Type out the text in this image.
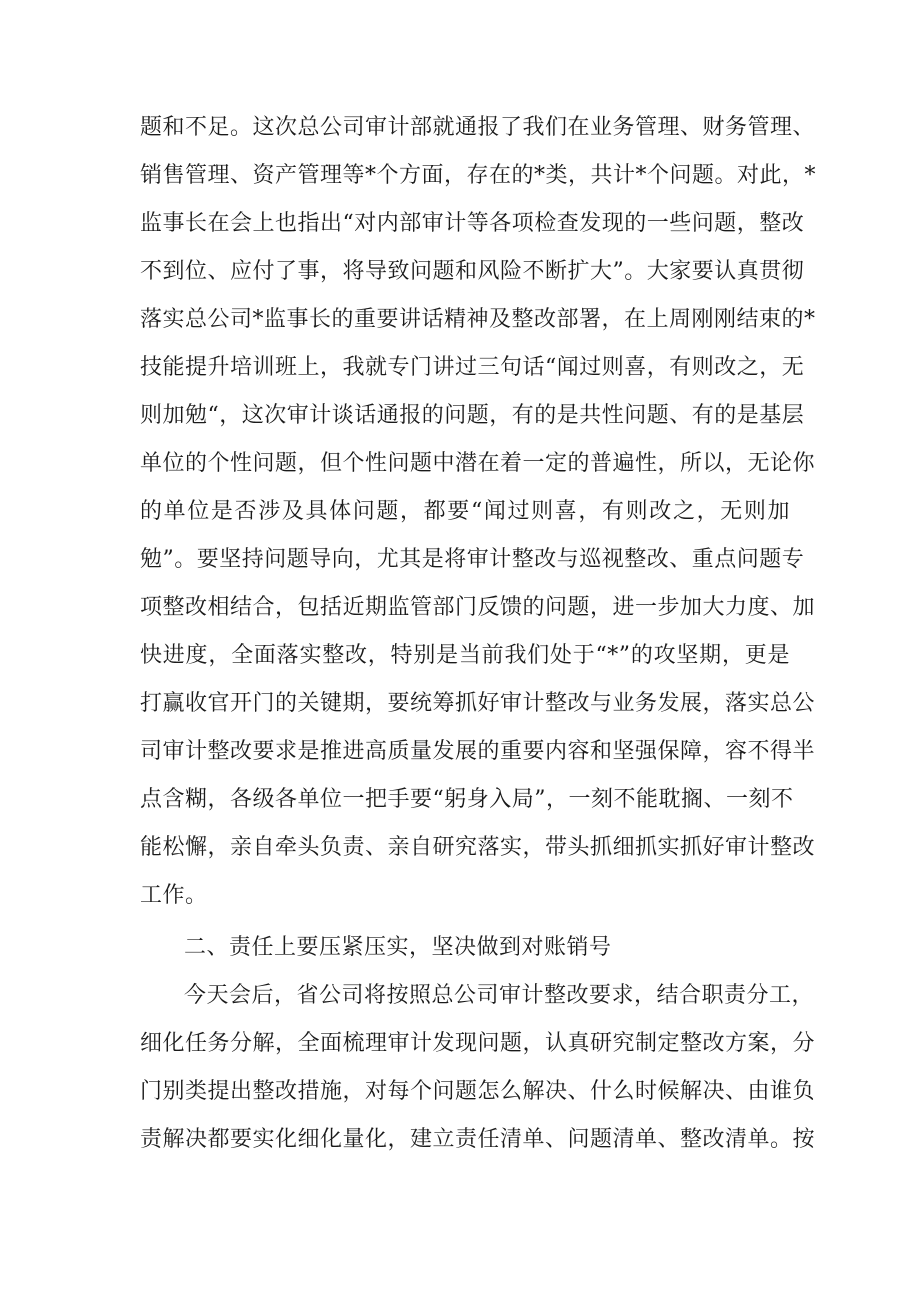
题和不足。这次总公司审计部就通报了我们在业务管理、财务管理、
销售管理、资产管理等*个方面，存在的*类，共计*个问题。对此，*
监事长在会上也指出“对内部审计等各项检查发现的一些问题，整改
不到位、应付了事，将导致问题和风险不断扩大”。大家要认真贯彻
落实总公司*监事长的重要讲话精神及整改部署，在上周刚刚结束的*
技能提升培训班上，我就专门讲过三句话“闻过则喜，有则改之，无
则加勉“，这次审计谈话通报的问题，有的是共性问题、有的是基层
单位的个性问题，但个性问题中潜在着一定的普遍性，所以，无论你
的单位是否涉及具体问题，都要“闻过则喜，有则改之，无则加
勉”。要坚持问题导向，尤其是将审计整改与巡视整改、重点问题专
项整改相结合，包括近期监管部门反馈的问题，进一步加大力度、加
快进度，全面落实整改，特别是当前我们处于“*”的攻坚期，更是
打赢收官开门的关键期，要统筹抓好审计整改与业务发展，落实总公
司审计整改要求是推进高质量发展的重要内容和坚强保障，容不得半
点含糊，各级各单位一把手要“躬身入局”，一刻不能耽搁、一刻不
能松懈，亲自牵头负责、亲自研究落实，带头抓细抓实抓好审计整改
工作。
二、责任上要压紧压实，坚决做到对账销号
今天会后，省公司将按照总公司审计整改要求，结合职责分工，
细化任务分解，全面梳理审计发现问题，认真研究制定整改方案，分
门别类提出整改措施，对每个问题怎么解决、什么时候解决、由谁负
责解决都要实化细化量化，建立责任清单、问题清单、整改清单。按
